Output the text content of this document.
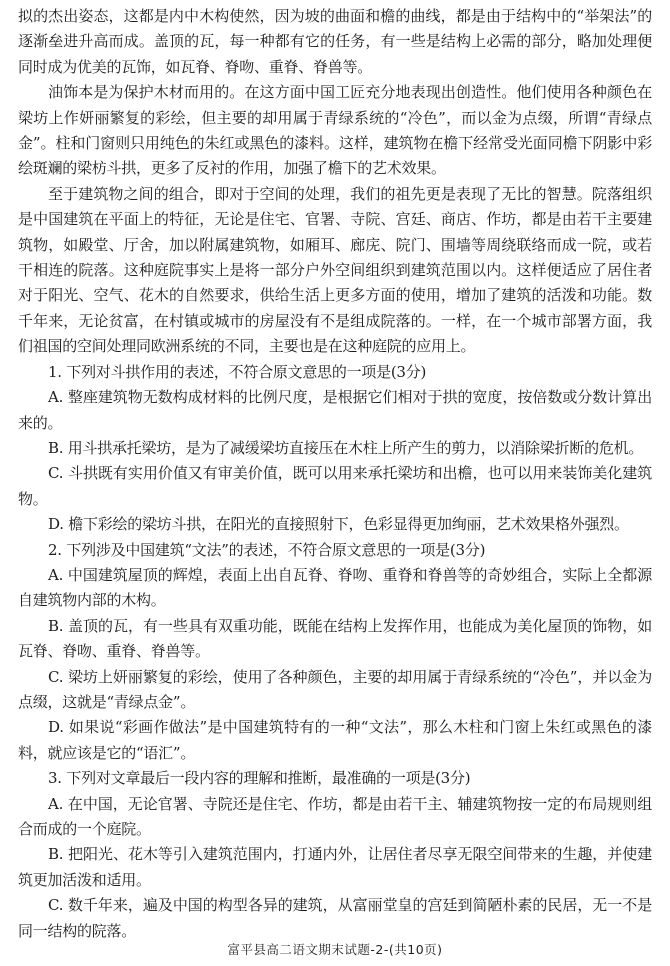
拟的杰出姿态，这都是内中木构使然，因为坡的曲面和檐的曲线，都是由于结构中的“举架法”的逐渐垒进升高而成。盖顶的瓦，每一种都有它的任务，有一些是结构上必需的部分，略加处理便同时成为优美的瓦饰，如瓦脊、脊吻、重脊、脊兽等。

油饰本是为保护木材而用的。在这方面中国工匠充分地表现出创造性。他们使用各种颜色在梁坊上作妍丽繁复的彩绘，但主要的却用属于青绿系统的“冷色”，而以金为点缀，所谓“青绿点金”。柱和门窗则只用纯色的朱红或黑色的漆料。这样，建筑物在檐下经常受光面同檐下阴影中彩绘斑斓的梁枋斗拱，更多了反衬的作用，加强了檐下的艺术效果。

至于建筑物之间的组合，即对于空间的处理，我们的祖先更是表现了无比的智慧。院落组织是中国建筑在平面上的特征，无论是住宅、官署、寺院、宫廷、商店、作坊，都是由若干主要建筑物，如殿堂、厅舍，加以附属建筑物，如厢耳、廊庑、院门、围墙等周绕联络而成一院，或若干相连的院落。这种庭院事实上是将一部分户外空间组织到建筑范围以内。这样便适应了居住者对于阳光、空气、花木的自然要求，供给生活上更多方面的使用，增加了建筑的活泼和功能。数千年来，无论贫富，在村镇或城市的房屋没有不是组成院落的。一样，在一个城市部署方面，我们祖国的空间处理同欧洲系统的不同，主要也是在这种庭院的应用上。

1. 下列对斗拱作用的表述，不符合原文意思的一项是(3分)

A. 整座建筑物无数构成材料的比例尺度，是根据它们相对于拱的宽度，按倍数或分数计算出来的。

B. 用斗拱承托梁坊，是为了减缓梁坊直接压在木柱上所产生的剪力，以消除梁折断的危机。

C. 斗拱既有实用价值又有审美价值，既可以用来承托梁坊和出檐，也可以用来装饰美化建筑物。

D. 檐下彩绘的梁坊斗拱，在阳光的直接照射下，色彩显得更加绚丽，艺术效果格外强烈。

2. 下列涉及中国建筑“文法”的表述，不符合原文意思的一项是(3分)

A. 中国建筑屋顶的辉煌，表面上出自瓦脊、脊吻、重脊和脊兽等的奇妙组合，实际上全都源自建筑物内部的木构。

B. 盖顶的瓦，有一些具有双重功能，既能在结构上发挥作用，也能成为美化屋顶的饰物，如瓦脊、脊吻、重脊、脊兽等。

C. 梁坊上妍丽繁复的彩绘，使用了各种颜色，主要的却用属于青绿系统的“冷色”，并以金为点缀，这就是“青绿点金”。

D. 如果说“彩画作做法”是中国建筑特有的一种“文法”，那么木柱和门窗上朱红或黑色的漆料，就应该是它的“语汇”。

3. 下列对文章最后一段内容的理解和推断，最准确的一项是(3分)

A. 在中国，无论官署、寺院还是住宅、作坊，都是由若干主、辅建筑物按一定的布局规则组合而成的一个庭院。

B. 把阳光、花木等引入建筑范围内，打通内外，让居住者尽享无限空间带来的生趣，并使建筑更加活泼和适用。

C. 数千年来，遍及中国的构型各异的建筑，从富丽堂皇的宫廷到简陋朴素的民居，无一不是同一结构的院落。

富平县高二语文期末试题-2-(共10页)
